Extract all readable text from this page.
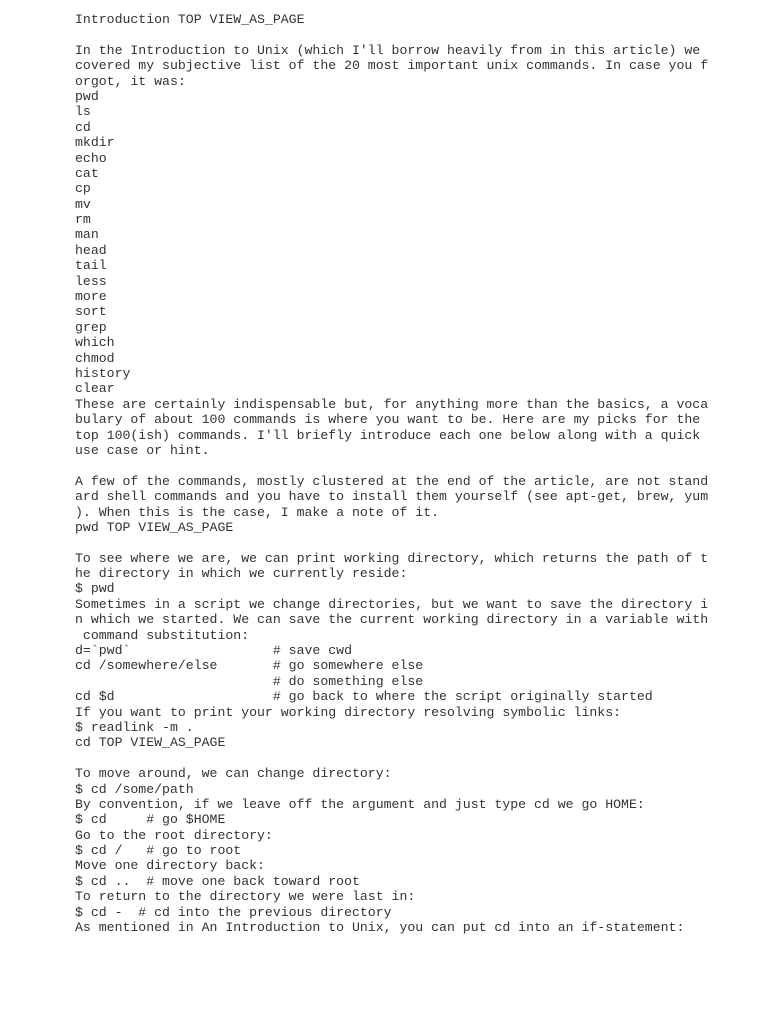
Introduction TOP VIEW_AS_PAGE
In the Introduction to Unix (which I'll borrow heavily from in this article) we
covered my subjective list of the 20 most important unix commands. In case you f
orgot, it was:
pwd
ls
cd
mkdir
echo
cat
cp
mv
rm
man
head
tail
less
more
sort
grep
which
chmod
history
clear
These are certainly indispensable but, for anything more than the basics, a voca
bulary of about 100 commands is where you want to be. Here are my picks for the
top 100(ish) commands. I'll briefly introduce each one below along with a quick
use case or hint.
A few of the commands, mostly clustered at the end of the article, are not stand
ard shell commands and you have to install them yourself (see apt-get, brew, yum
). When this is the case, I make a note of it.
pwd TOP VIEW_AS_PAGE
To see where we are, we can print working directory, which returns the path of t
he directory in which we currently reside:
$ pwd
Sometimes in a script we change directories, but we want to save the directory i
n which we started. We can save the current working directory in a variable with
command substitution:
d=`pwd`                  # save cwd
cd /somewhere/else       # go somewhere else
# do something else
cd $d                    # go back to where the script originally started
If you want to print your working directory resolving symbolic links:
$ readlink -m .
cd TOP VIEW_AS_PAGE
To move around, we can change directory:
$ cd /some/path
By convention, if we leave off the argument and just type cd we go HOME:
$ cd     # go $HOME
Go to the root directory:
$ cd /   # go to root
Move one directory back:
$ cd ..  # move one back toward root
To return to the directory we were last in:
$ cd -  # cd into the previous directory
As mentioned in An Introduction to Unix, you can put cd into an if-statement:
